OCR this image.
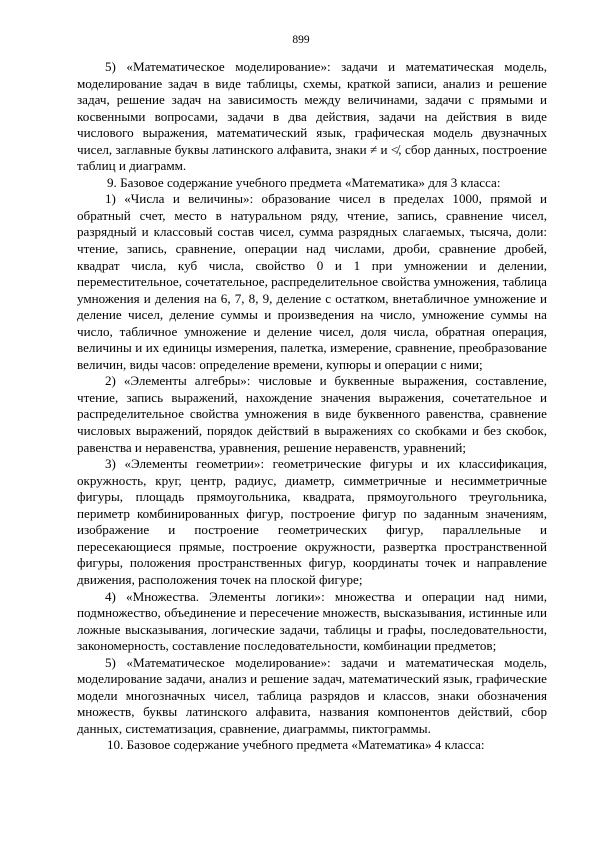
899

5) «Математическое моделирование»: задачи и математическая модель, моделирование задач в виде таблицы, схемы, краткой записи, анализ и решение задач, решение задач на зависимость между величинами, задачи с прямыми и косвенными вопросами, задачи в два действия, задачи на действия в виде числового выражения, математический язык, графическая модель двузначных чисел, заглавные буквы латинского алфавита, знаки ≠ и ≮, сбор данных, построение таблиц и диаграмм.

9. Базовое содержание учебного предмета «Математика» для 3 класса:

1) «Числа и величины»: образование чисел в пределах 1000, прямой и обратный счет, место в натуральном ряду, чтение, запись, сравнение чисел, разрядный и классовый состав чисел, сумма разрядных слагаемых, тысяча, доли: чтение, запись, сравнение, операции над числами, дроби, сравнение дробей, квадрат числа, куб числа, свойство 0 и 1 при умножении и делении, переместительное, сочетательное, распределительное свойства умножения, таблица умножения и деления на 6, 7, 8, 9, деление с остатком, внетабличное умножение и деление чисел, деление суммы и произведения на число, умножение суммы на число, табличное умножение и деление чисел, доля числа, обратная операция, величины и их единицы измерения, палетка, измерение, сравнение, преобразование величин, виды часов: определение времени, купюры и операции с ними;

2) «Элементы алгебры»: числовые и буквенные выражения, составление, чтение, запись выражений, нахождение значения выражения, сочетательное и распределительное свойства умножения в виде буквенного равенства, сравнение числовых выражений, порядок действий в выражениях со скобками и без скобок, равенства и неравенства, уравнения, решение неравенств, уравнений;

3) «Элементы геометрии»: геометрические фигуры и их классификация, окружность, круг, центр, радиус, диаметр, симметричные и несимметричные фигуры, площадь прямоугольника, квадрата, прямоугольного треугольника, периметр комбинированных фигур, построение фигур по заданным значениям, изображение и построение геометрических фигур, параллельные и пересекающиеся прямые, построение окружности, развертка пространственной фигуры, положения пространственных фигур, координаты точек и направление движения, расположения точек на плоской фигуре;

4) «Множества. Элементы логики»: множества и операции над ними, подмножество, объединение и пересечение множеств, высказывания, истинные или ложные высказывания, логические задачи, таблицы и графы, последовательности, закономерность, составление последовательности, комбинации предметов;

5) «Математическое моделирование»: задачи и математическая модель, моделирование задачи, анализ и решение задач, математический язык, графические модели многозначных чисел, таблица разрядов и классов, знаки обозначения множеств, буквы латинского алфавита, названия компонентов действий, сбор данных, систематизация, сравнение, диаграммы, пиктограммы.

10. Базовое содержание учебного предмета «Математика» 4 класса:
